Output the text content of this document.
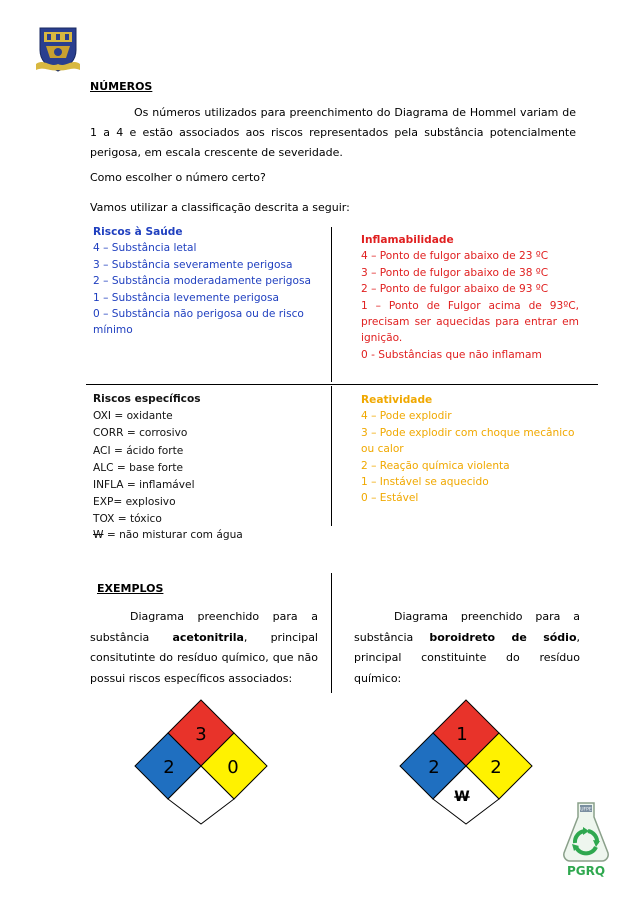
NÚMEROS
Os números utilizados para preenchimento do Diagrama de Hommel variam de 1 a 4 e estão associados aos riscos representados pela substância potencialmente perigosa, em escala crescente de severidade.
Como escolher o número certo?
Vamos utilizar a classificação descrita a seguir:
Riscos à Saúde
4 – Substância letal
3 – Substância severamente perigosa
2 – Substância moderadamente perigosa
1 – Substância levemente perigosa
0 – Substância não perigosa ou de risco mínimo
Inflamabilidade
4 – Ponto de fulgor abaixo de 23 ºC
3 – Ponto de fulgor abaixo de 38 ºC
2 – Ponto de fulgor abaixo de 93 ºC
1 – Ponto de Fulgor acima de 93ºC, precisam ser aquecidas para entrar em ignição.
0 - Substâncias que não inflamam
Riscos específicos
OXI = oxidante
CORR = corrosivo
ACI = ácido forte
ALC = base forte
INFLA = inflamável
EXP= explosivo
TOX = tóxico
W = não misturar com água
Reatividade
4 – Pode explodir
3 – Pode explodir com choque mecânico ou calor
2 – Reação química violenta
1 – Instável se aquecido
0 – Estável
EXEMPLOS
Diagrama preenchido para a substância acetonitrila, principal consitutinte do resíduo químico, que não possui riscos específicos associados:
Diagrama preenchido para a substância boroidreto de sódio, principal constituinte do resíduo químico:
3
2	0
1
2	2
W
UFPE
PGRQ
